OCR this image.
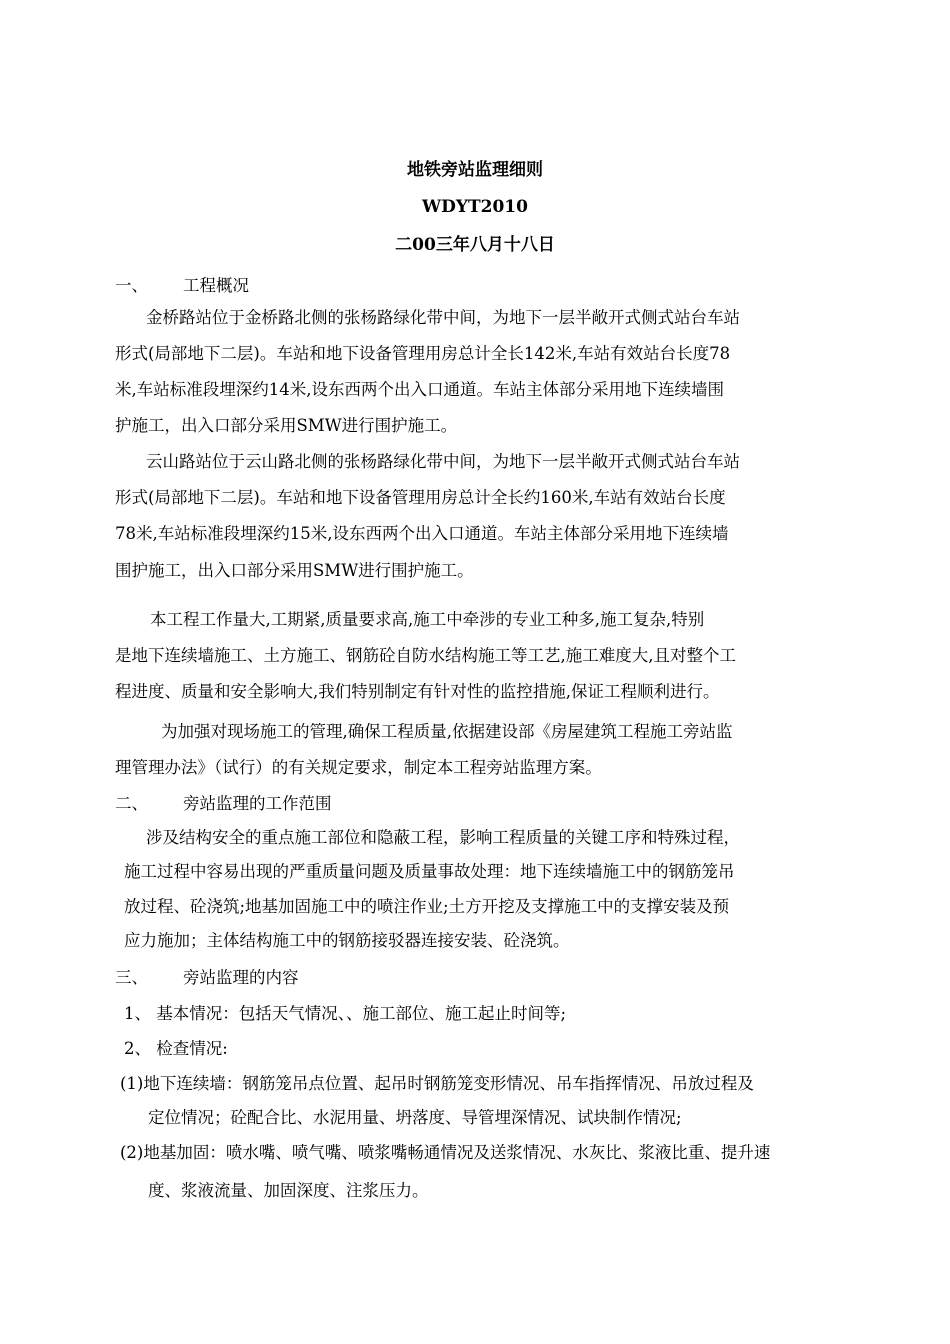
地铁旁站监理细则
WDYT2010
二00三年八月十八日
一、 工程概况
金桥路站位于金桥路北侧的张杨路绿化带中间，为地下一层半敞开式侧式站台车站
形式(局部地下二层)。车站和地下设备管理用房总计全长142米,车站有效站台长度78
米,车站标准段埋深约14米,设东西两个出入口通道。车站主体部分采用地下连续墙围
护施工，出入口部分采用SMW进行围护施工。
云山路站位于云山路北侧的张杨路绿化带中间，为地下一层半敞开式侧式站台车站
形式(局部地下二层)。车站和地下设备管理用房总计全长约160米,车站有效站台长度
78米,车站标准段埋深约15米,设东西两个出入口通道。车站主体部分采用地下连续墙
围护施工，出入口部分采用SMW进行围护施工。
本工程工作量大,工期紧,质量要求高,施工中牵涉的专业工种多,施工复杂,特别
是地下连续墙施工、土方施工、钢筋砼自防水结构施工等工艺,施工难度大,且对整个工
程进度、质量和安全影响大,我们特别制定有针对性的监控措施,保证工程顺利进行。
为加强对现场施工的管理,确保工程质量,依据建设部《房屋建筑工程施工旁站监
理管理办法》（试行）的有关规定要求，制定本工程旁站监理方案。
二、 旁站监理的工作范围
涉及结构安全的重点施工部位和隐蔽工程，影响工程质量的关键工序和特殊过程，
施工过程中容易出现的严重质量问题及质量事故处理：地下连续墙施工中的钢筋笼吊
放过程、砼浇筑;地基加固施工中的喷注作业;土方开挖及支撑施工中的支撑安装及预
应力施加；主体结构施工中的钢筋接驳器连接安装、砼浇筑。
三、 旁站监理的内容
1、 基本情况：包括天气情况、、施工部位、施工起止时间等;
2、 检查情况:
(1)地下连续墙：钢筋笼吊点位置、起吊时钢筋笼变形情况、吊车指挥情况、吊放过程及
定位情况；砼配合比、水泥用量、坍落度、导管埋深情况、试块制作情况;
(2)地基加固：喷水嘴、喷气嘴、喷浆嘴畅通情况及送浆情况、水灰比、浆液比重、提升速
度、浆液流量、加固深度、注浆压力。
